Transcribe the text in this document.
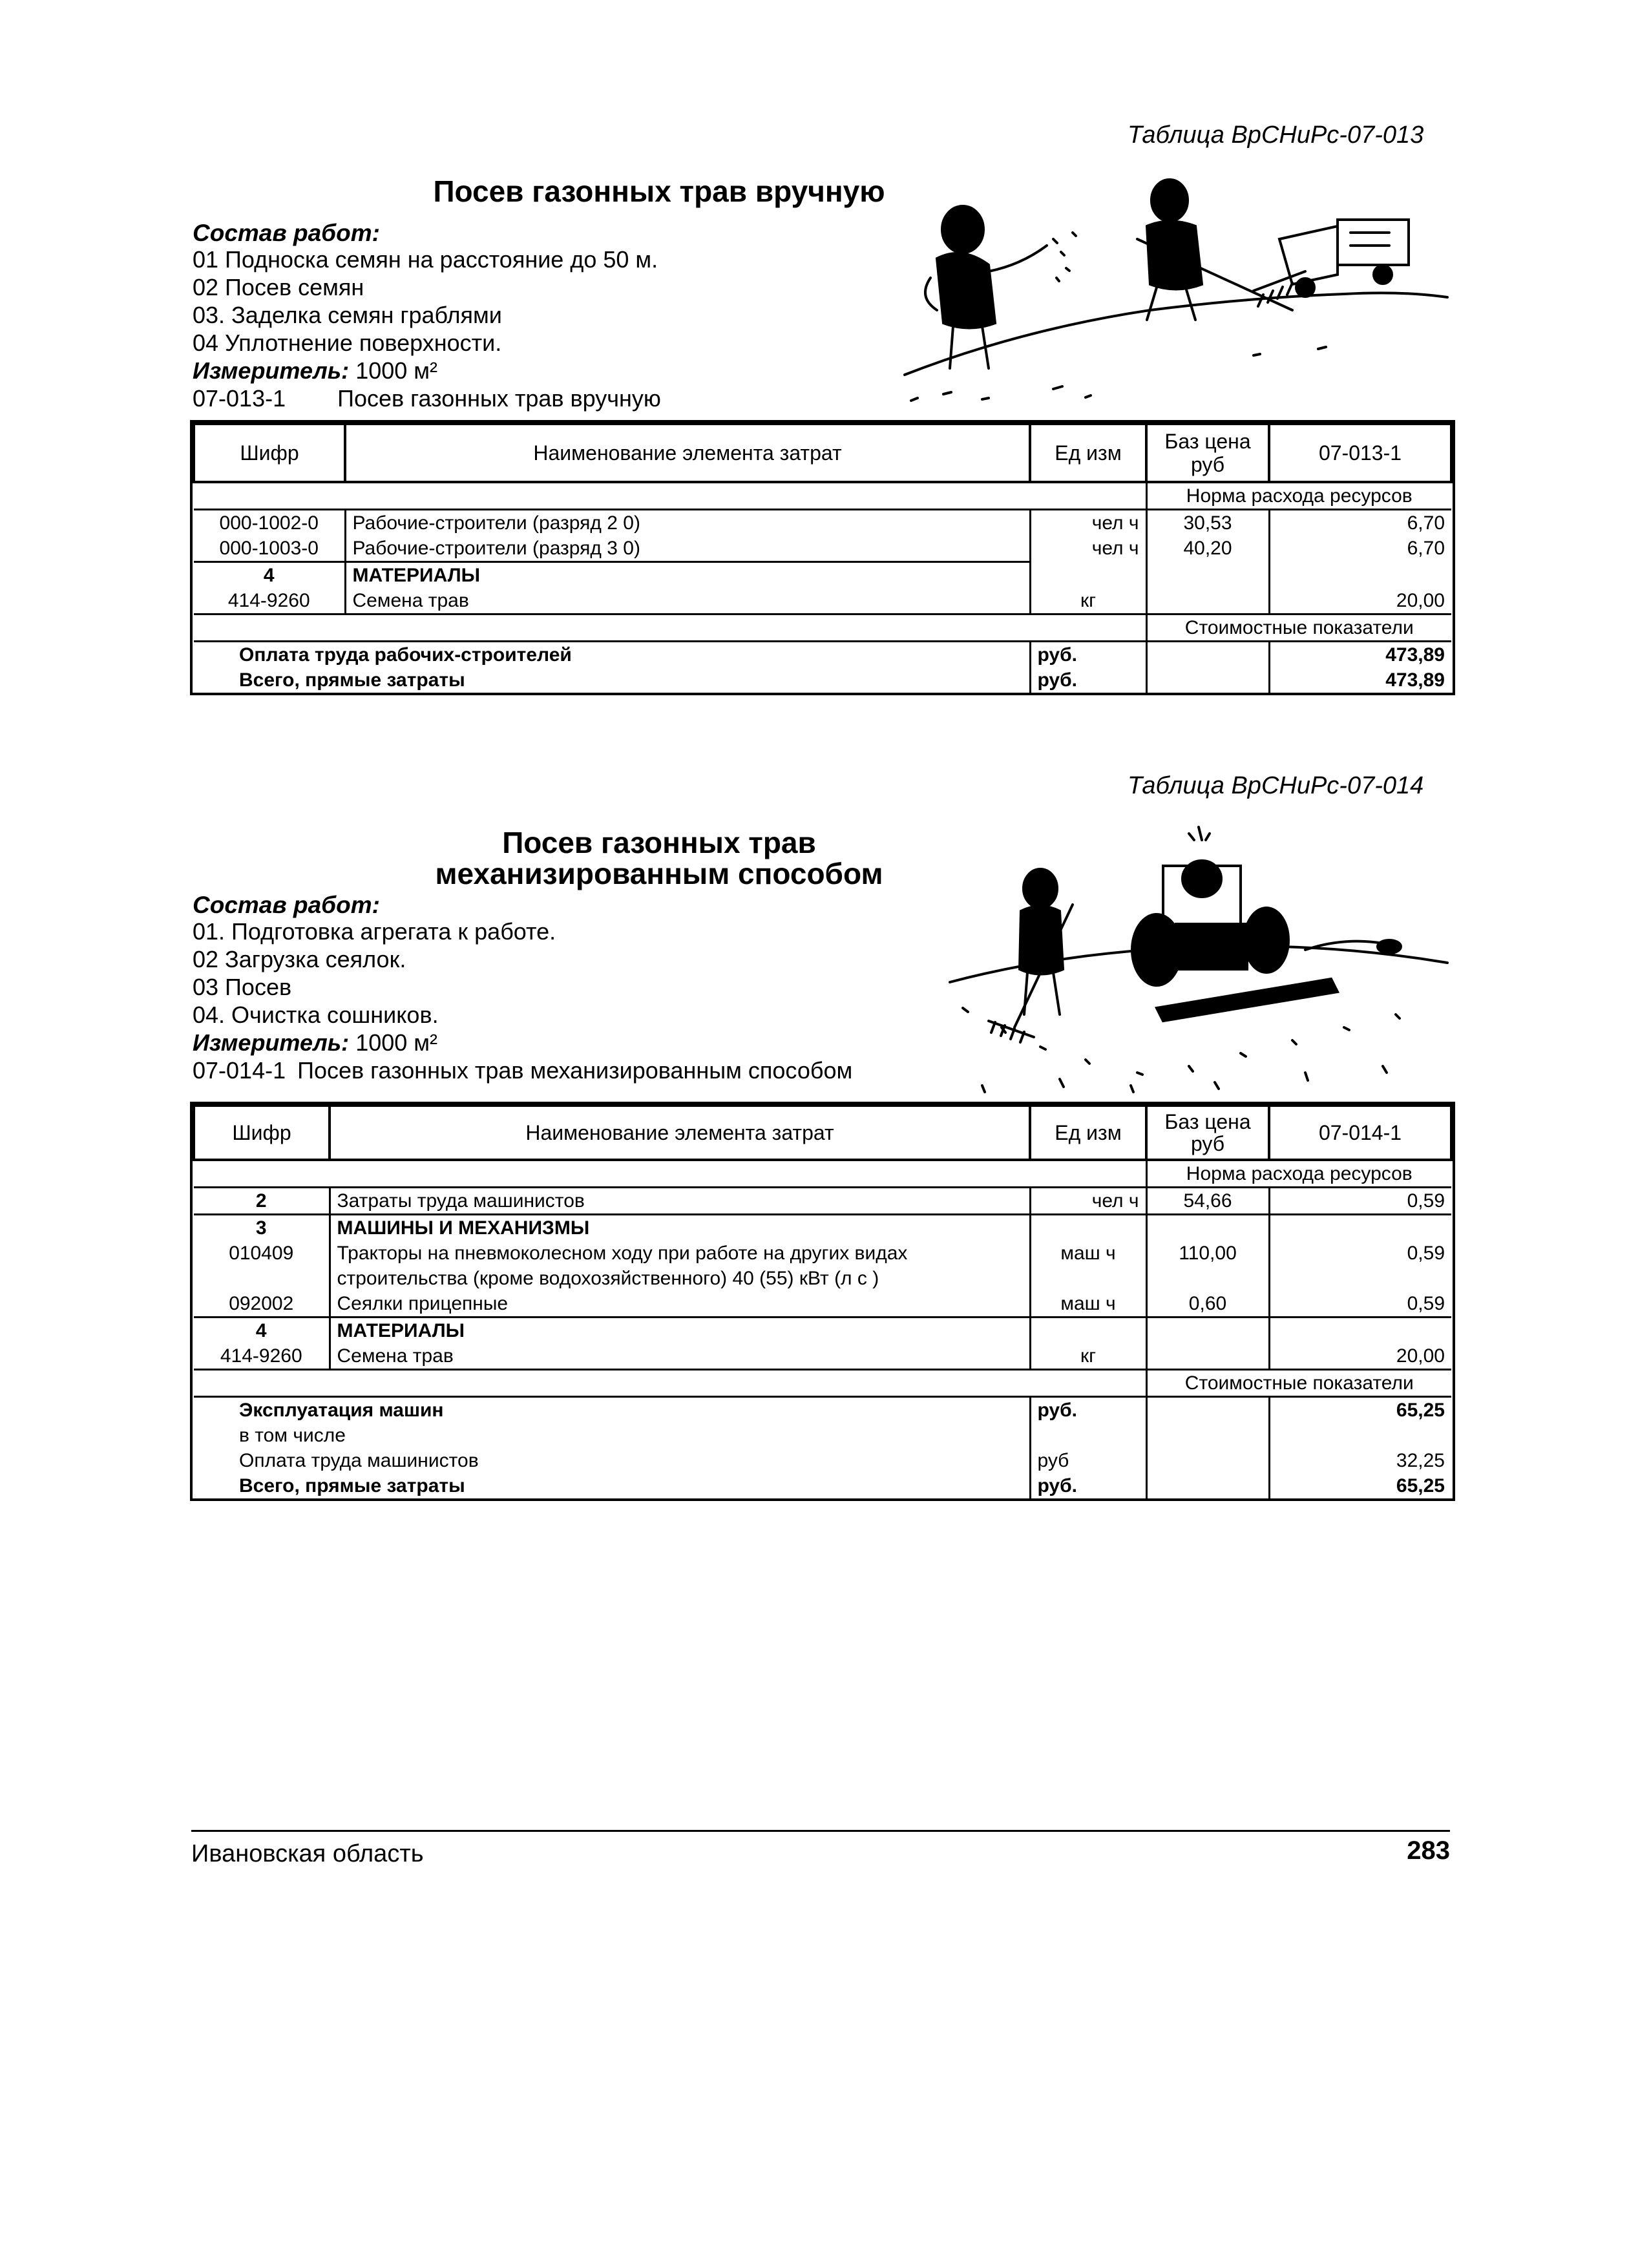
Таблица ВрСНиРс-07-013
Посев газонных трав вручную
Состав работ:
01 Подноска семян на расстояние до 50 м.
02 Посев семян
03. Заделка семян граблями
04 Уплотнение поверхности.
Измеритель: 1000 м²
07-013-1 Посев газонных трав вручную
Шифр	Наименование элемента затрат	Ед изм	Баз цена руб	07-013-1
			Норма расхода ресурсов	
000-1002-0	Рабочие-строители (разряд 2 0)	чел ч	30,53	6,70
000-1003-0	Рабочие-строители (разряд 3 0)	чел ч	40,20	6,70
4	МАТЕРИАЛЫ			
414-9260	Семена трав	кг		20,00
			Стоимостные показатели	
Оплата труда рабочих-строителей		руб.		473,89
Всего, прямые затраты		руб.		473,89
Таблица ВрСНиРс-07-014
Посев газонных трав
механизированным способом
Состав работ:
01. Подготовка агрегата к работе.
02 Загрузка сеялок.
03 Посев
04. Очистка сошников.
Измеритель: 1000 м²
07-014-1 Посев газонных трав механизированным способом
Шифр	Наименование элемента затрат	Ед изм	Баз цена руб	07-014-1
			Норма расхода ресурсов	
2	Затраты труда машинистов	чел ч	54,66	0,59
3	МАШИНЫ И МЕХАНИЗМЫ			
010409	Тракторы на пневмоколесном ходу при работе на других видах
строительства (кроме водохозяйственного) 40 (55) кВт (л с )	маш ч	110,00	0,59
092002	Сеялки прицепные	маш ч	0,60	0,59
4	МАТЕРИАЛЫ			
414-9260	Семена трав	кг		20,00
			Стоимостные показатели	
Эксплуатация машин		руб.		65,25
в том числе				
Оплата труда машинистов		руб		32,25
Всего, прямые затраты		руб.		65,25
Ивановская область	283
